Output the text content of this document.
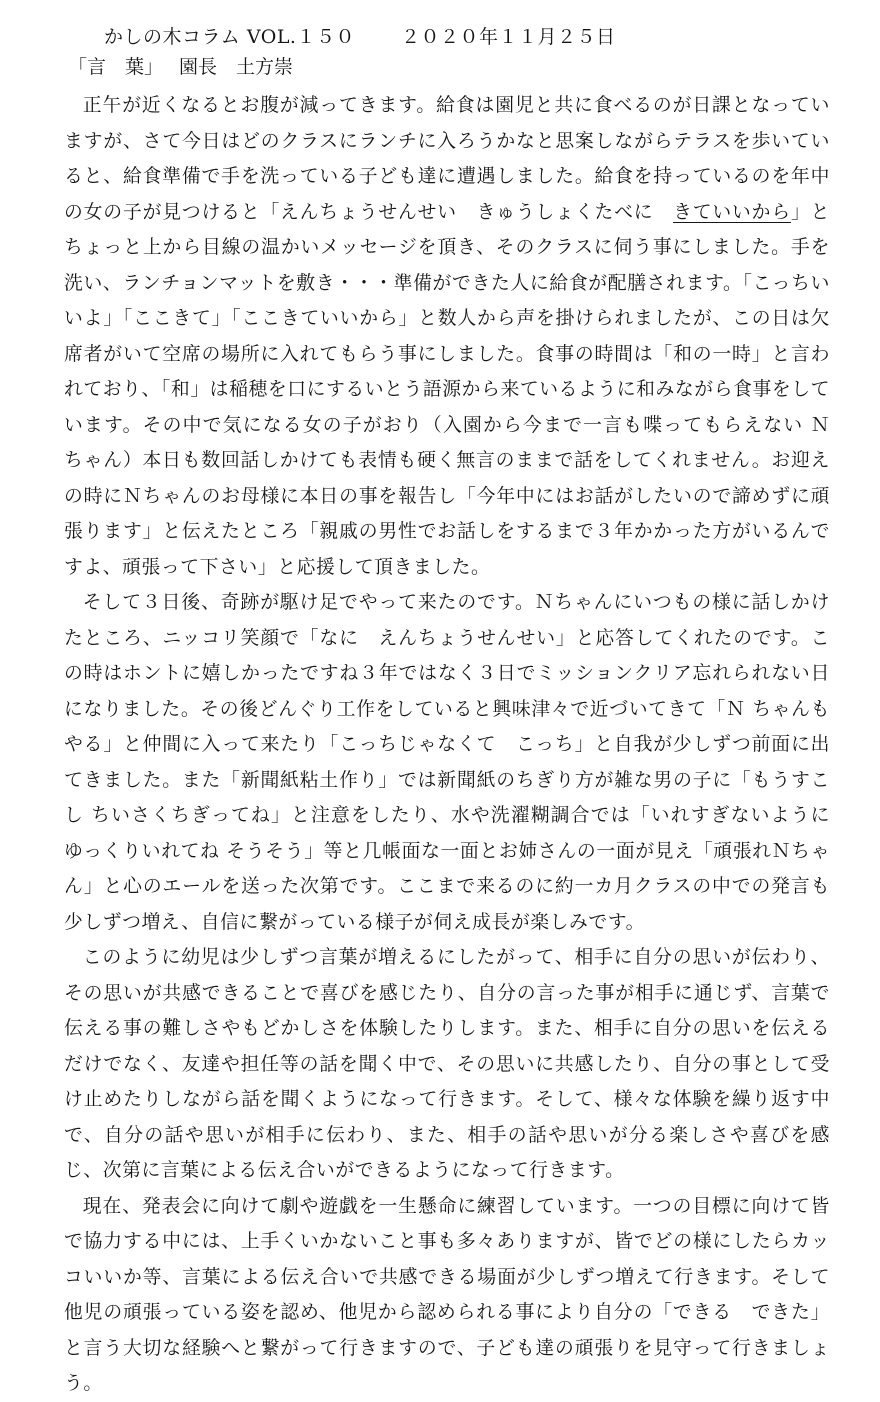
かしの木コラム VOL.１５０ ２０２０年１１月２５日
「言　葉」 園長　土方崇

正午が近くなるとお腹が減ってきます。給食は園児と共に食べるのが日課となっていますが、さて今日はどのクラスにランチに入ろうかなと思案しながらテラスを歩いていると、給食準備で手を洗っている子ども達に遭遇しました。給食を持っているのを年中の女の子が見つけると「えんちょうせんせい　きゅうしょくたべに　きていいから」とちょっと上から目線の温かいメッセージを頂き、そのクラスに伺う事にしました。手を洗い、ランチョンマットを敷き・・・準備ができた人に給食が配膳されます。「こっちいいよ」「ここきて」「ここきていいから」と数人から声を掛けられましたが、この日は欠席者がいて空席の場所に入れてもらう事にしました。食事の時間は「和の一時」と言われており、「和」は稲穂を口にするいとう語源から来ているように和みながら食事をしています。その中で気になる女の子がおり（入園から今まで一言も喋ってもらえない Ｎ ちゃん）本日も数回話しかけても表情も硬く無言のままで話をしてくれません。お迎えの時にＮちゃんのお母様に本日の事を報告し「今年中にはお話がしたいので諦めずに頑張ります」と伝えたところ「親戚の男性でお話しをするまで３年かかった方がいるんですよ、頑張って下さい」と応援して頂きました。

そして３日後、奇跡が駆け足でやって来たのです。Ｎちゃんにいつもの様に話しかけたところ、ニッコリ笑顔で「なに　えんちょうせんせい」と応答してくれたのです。この時はホントに嬉しかったですね３年ではなく３日でミッションクリア忘れられない日になりました。その後どんぐり工作をしていると興味津々で近づいてきて「Ｎ ちゃんもやる」と仲間に入って来たり「こっちじゃなくて　こっち」と自我が少しずつ前面に出てきました。また「新聞紙粘土作り」では新聞紙のちぎり方が雑な男の子に「もうすこし ちいさくちぎってね」と注意をしたり、水や洗濯糊調合では「いれすぎないように ゆっくりいれてね そうそう」等と几帳面な一面とお姉さんの一面が見え「頑張れＮちゃん」と心のエールを送った次第です。ここまで来るのに約一カ月クラスの中での発言も少しずつ増え、自信に繋がっている様子が伺え成長が楽しみです。

このように幼児は少しずつ言葉が増えるにしたがって、相手に自分の思いが伝わり、その思いが共感できることで喜びを感じたり、自分の言った事が相手に通じず、言葉で伝える事の難しさやもどかしさを体験したりします。また、相手に自分の思いを伝えるだけでなく、友達や担任等の話を聞く中で、その思いに共感したり、自分の事として受け止めたりしながら話を聞くようになって行きます。そして、様々な体験を繰り返す中で、自分の話や思いが相手に伝わり、また、相手の話や思いが分る楽しさや喜びを感じ、次第に言葉による伝え合いができるようになって行きます。

現在、発表会に向けて劇や遊戯を一生懸命に練習しています。一つの目標に向けて皆で協力する中には、上手くいかないこと事も多々ありますが、皆でどの様にしたらカッコいいか等、言葉による伝え合いで共感できる場面が少しずつ増えて行きます。そして他児の頑張っている姿を認め、他児から認められる事により自分の「できる　できた」と言う大切な経験へと繋がって行きますので、子ども達の頑張りを見守って行きましょう。
